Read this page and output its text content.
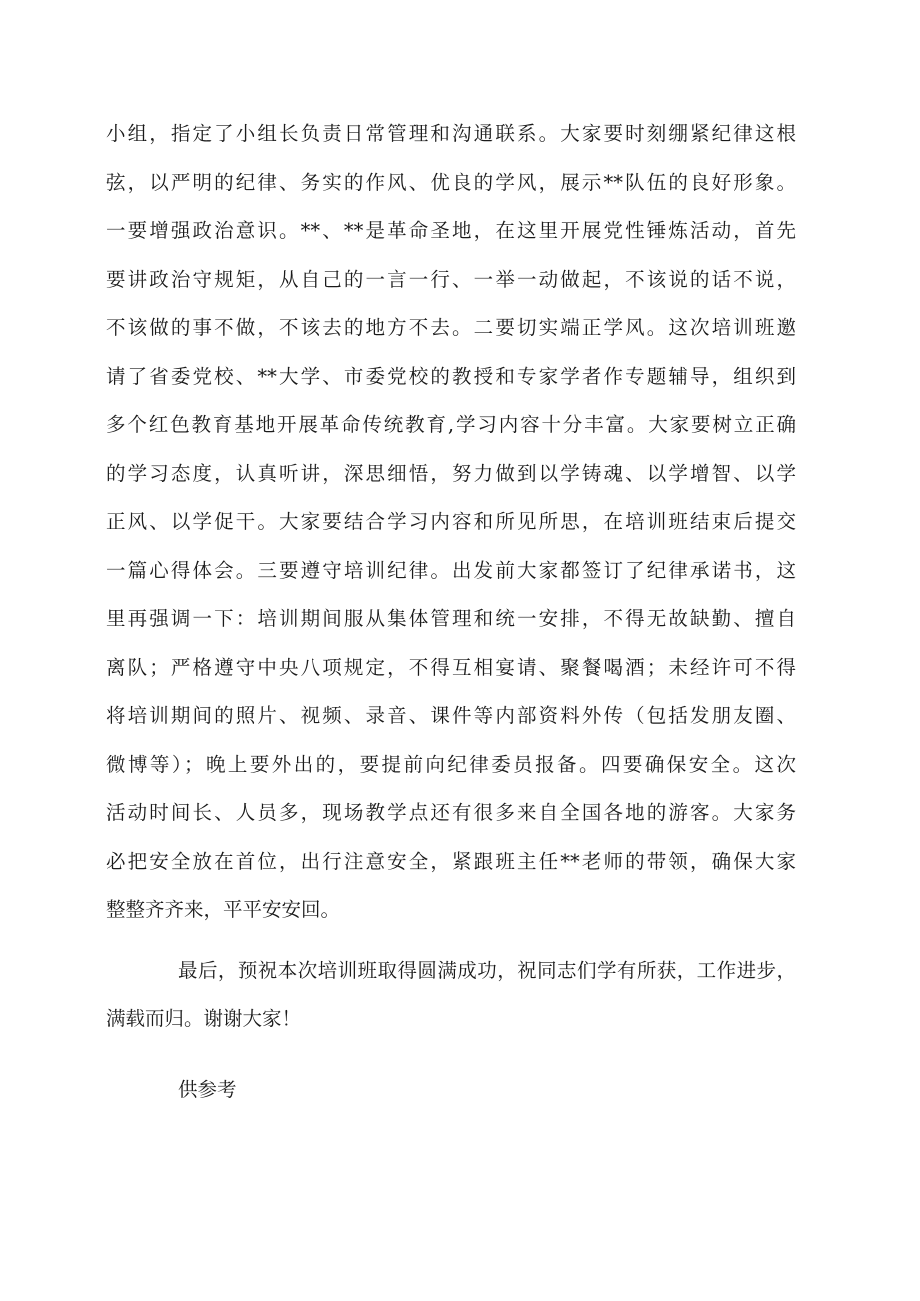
小组，指定了小组长负责日常管理和沟通联系。大家要时刻绷紧纪律这根
弦，以严明的纪律、务实的作风、优良的学风，展示**队伍的良好形象。
一要增强政治意识。**、**是革命圣地，在这里开展党性锤炼活动，首先
要讲政治守规矩，从自己的一言一行、一举一动做起，不该说的话不说，
不该做的事不做，不该去的地方不去。二要切实端正学风。这次培训班邀
请了省委党校、**大学、市委党校的教授和专家学者作专题辅导，组织到
多个红色教育基地开展革命传统教育,学习内容十分丰富。大家要树立正确
的学习态度，认真听讲，深思细悟，努力做到以学铸魂、以学增智、以学
正风、以学促干。大家要结合学习内容和所见所思，在培训班结束后提交
一篇心得体会。三要遵守培训纪律。出发前大家都签订了纪律承诺书，这
里再强调一下：培训期间服从集体管理和统一安排，不得无故缺勤、擅自
离队；严格遵守中央八项规定，不得互相宴请、聚餐喝酒；未经许可不得
将培训期间的照片、视频、录音、课件等内部资料外传（包括发朋友圈、
微博等）；晚上要外出的，要提前向纪律委员报备。四要确保安全。这次
活动时间长、人员多，现场教学点还有很多来自全国各地的游客。大家务
必把安全放在首位，出行注意安全，紧跟班主任**老师的带领，确保大家
整整齐齐来，平平安安回。
最后，预祝本次培训班取得圆满成功，祝同志们学有所获，工作进步，
满载而归。谢谢大家！
供参考
